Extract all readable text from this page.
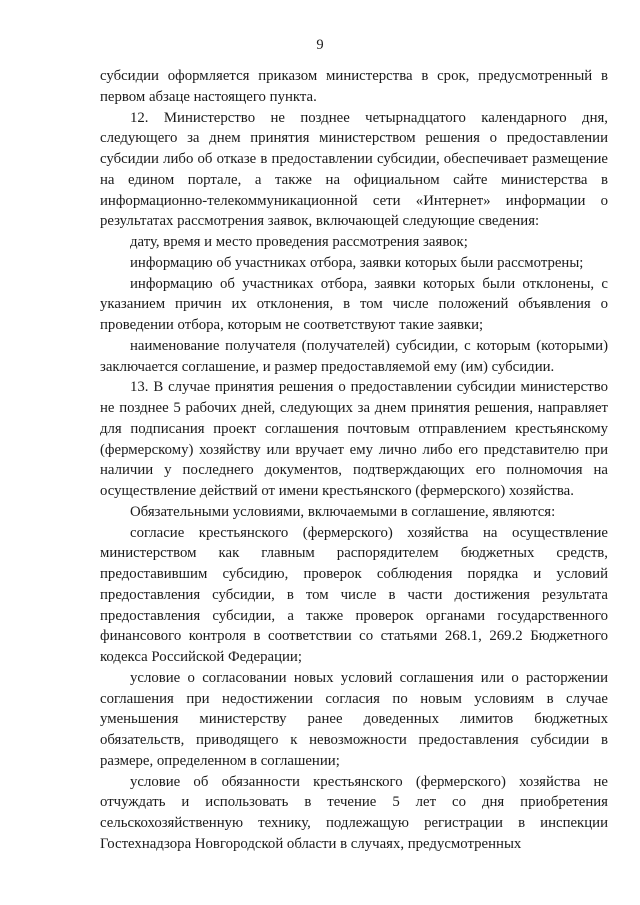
9

субсидии оформляется приказом министерства в срок, предусмотренный в первом абзаце настоящего пункта.

12. Министерство не позднее четырнадцатого календарного дня, следующего за днем принятия министерством решения о предоставлении субсидии либо об отказе в предоставлении субсидии, обеспечивает размещение на едином портале, а также на официальном сайте министерства в информационно-телекоммуникационной сети «Интернет» информации о результатах рассмотрения заявок, включающей следующие сведения:

дату, время и место проведения рассмотрения заявок;

информацию об участниках отбора, заявки которых были рассмотрены;

информацию об участниках отбора, заявки которых были отклонены, с указанием причин их отклонения, в том числе положений объявления о проведении отбора, которым не соответствуют такие заявки;

наименование получателя (получателей) субсидии, с которым (которыми) заключается соглашение, и размер предоставляемой ему (им) субсидии.

13. В случае принятия решения о предоставлении субсидии министерство не позднее 5 рабочих дней, следующих за днем принятия решения, направляет для подписания проект соглашения почтовым отправлением крестьянскому (фермерскому) хозяйству или вручает ему лично либо его представителю при наличии у последнего документов, подтверждающих его полномочия на осуществление действий от имени крестьянского (фермерского) хозяйства.

Обязательными условиями, включаемыми в соглашение, являются:

согласие крестьянского (фермерского) хозяйства на осуществление министерством как главным распорядителем бюджетных средств, предоставившим субсидию, проверок соблюдения порядка и условий предоставления субсидии, в том числе в части достижения результата предоставления субсидии, а также проверок органами государственного финансового контроля в соответствии со статьями 268.1, 269.2 Бюджетного кодекса Российской Федерации;

условие о согласовании новых условий соглашения или о расторжении соглашения при недостижении согласия по новым условиям в случае уменьшения министерству ранее доведенных лимитов бюджетных обязательств, приводящего к невозможности предоставления субсидии в размере, определенном в соглашении;

условие об обязанности крестьянского (фермерского) хозяйства не отчуждать и использовать в течение 5 лет со дня приобретения сельскохозяйственную технику, подлежащую регистрации в инспекции Гостехнадзора Новгородской области в случаях, предусмотренных
